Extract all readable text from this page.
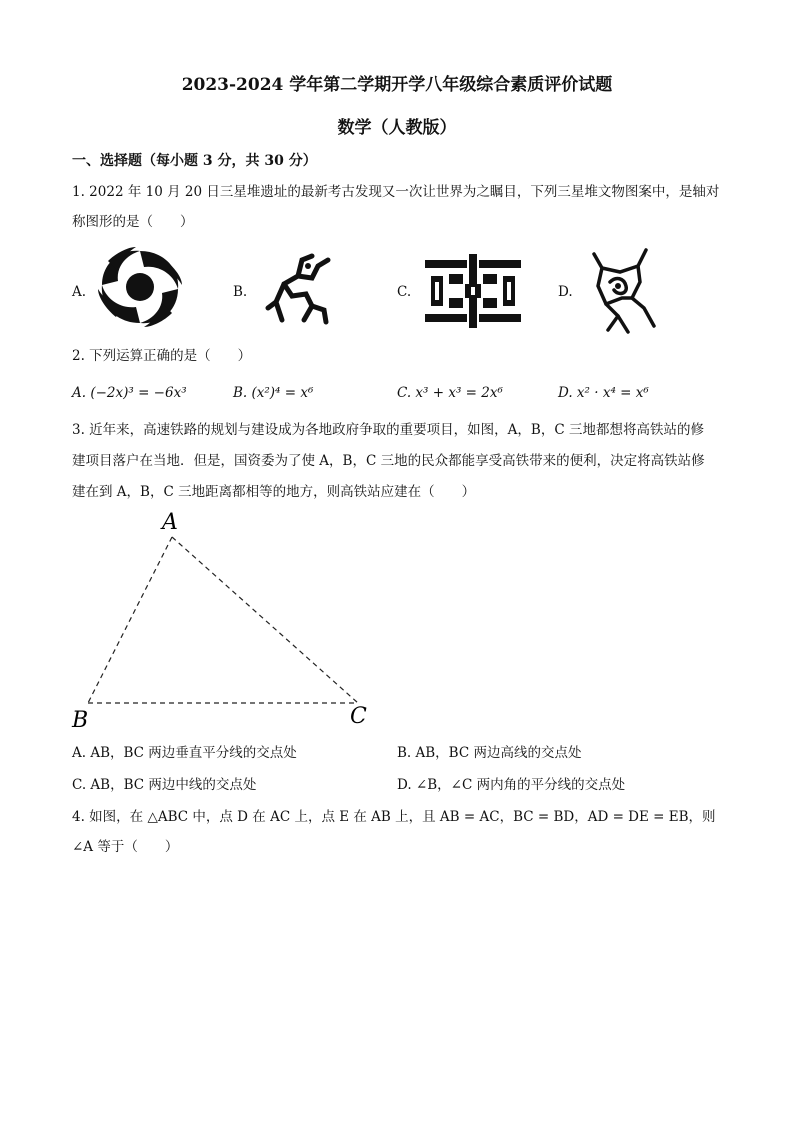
2023-2024 学年第二学期开学八年级综合素质评价试题
数学（人教版）
一、选择题（每小题 3 分，共 30 分）
1. 2022 年 10 月 20 日三星堆遗址的最新考古发现又一次让世界为之瞩目，下列三星堆文物图案中，是轴对
称图形的是（　　）
A.	B.	C.	D.
2. 下列运算正确的是（　　）
A. (−2x)³ = −6x³	B. (x²)⁴ = x⁶	C. x³ + x³ = 2x⁶	D. x² · x⁴ = x⁶
3. 近年来，高速铁路的规划与建设成为各地政府争取的重要项目，如图，A，B，C 三地都想将高铁站的修
建项目落户在当地．但是，国资委为了使 A，B，C 三地的民众都能享受高铁带来的便利，决定将高铁站修
建在到 A，B，C 三地距离都相等的地方，则高铁站应建在（　　）
A
B	C
A. AB，BC 两边垂直平分线的交点处	B. AB，BC 两边高线的交点处
C. AB，BC 两边中线的交点处	D. ∠B，∠C 两内角的平分线的交点处
4. 如图，在 △ABC 中，点 D 在 AC 上，点 E 在 AB 上，且 AB = AC，BC = BD，AD = DE = EB，则
∠A 等于（　　）
